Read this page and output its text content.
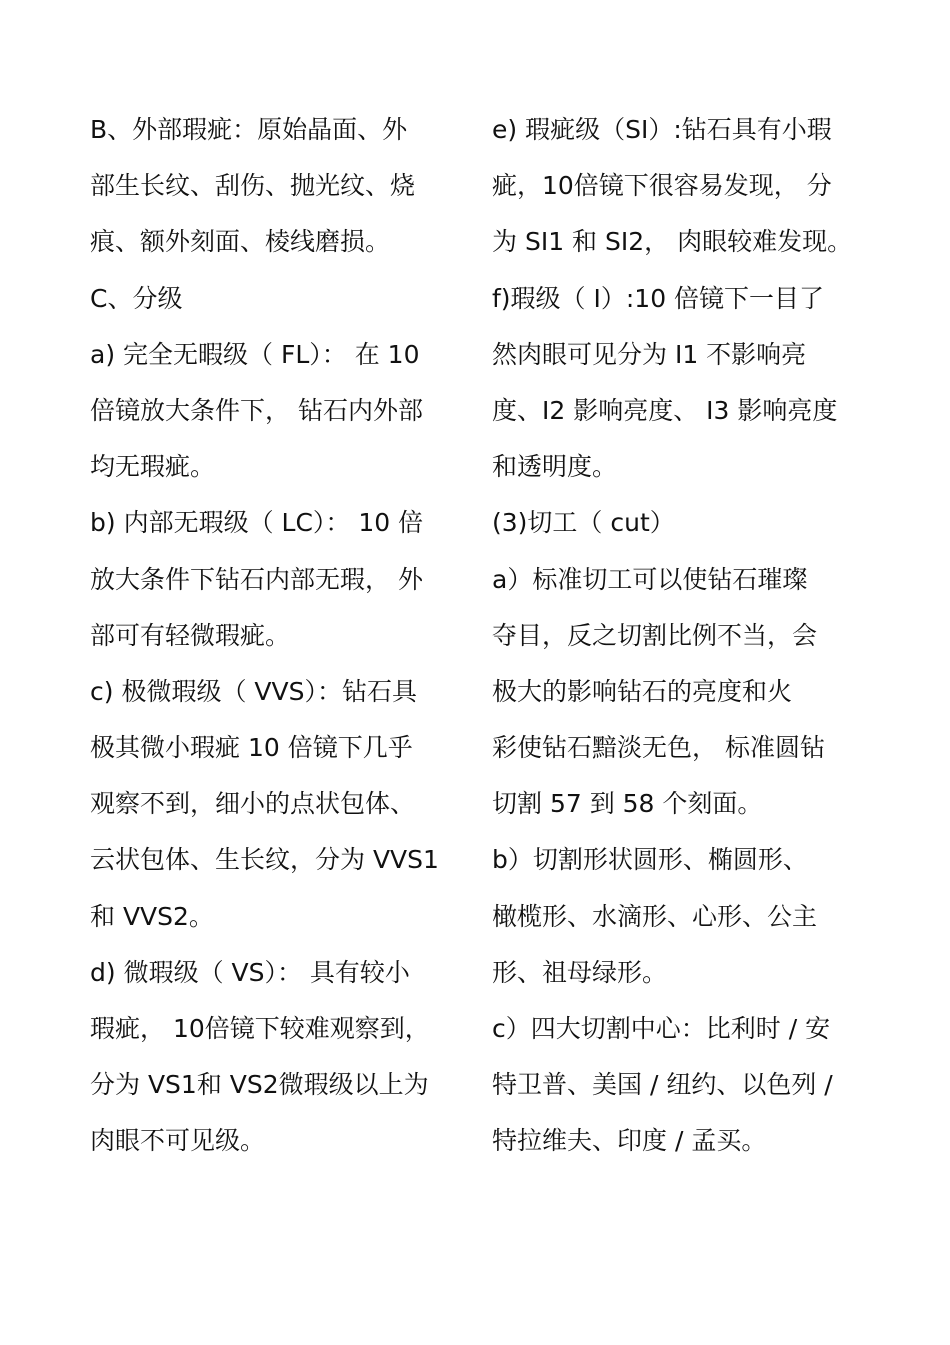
B、外部瑕疵：原始晶面、外
部生长纹、刮伤、抛光纹、烧
痕、额外刻面、棱线磨损。
C、分级
a) 完全无暇级（ FL）： 在 10
倍镜放大条件下， 钻石内外部
均无瑕疵。
b) 内部无瑕级（ LC）： 10 倍
放大条件下钻石内部无瑕， 外
部可有轻微瑕疵。
c) 极微瑕级（ VVS）：钻石具
极其微小瑕疵 10 倍镜下几乎
观察不到，细小的点状包体、
云状包体、生长纹，分为 VVS1
和 VVS2。
d) 微瑕级（ VS）： 具有较小
瑕疵， 10倍镜下较难观察到，
分为 VS1和 VS2微瑕级以上为
肉眼不可见级。
e) 瑕疵级（SI）:钻石具有小瑕
疵，10倍镜下很容易发现， 分
为 SI1 和 SI2， 肉眼较难发现。
f)瑕级（ I）:10 倍镜下一目了
然肉眼可见分为 I1 不影响亮
度、I2 影响亮度、 I3 影响亮度
和透明度。
(3)切工（ cut）
a）标准切工可以使钻石璀璨
夺目，反之切割比例不当，会
极大的影响钻石的亮度和火
彩使钻石黯淡无色， 标准圆钻
切割 57 到 58 个刻面。
b）切割形状圆形、椭圆形、
橄榄形、水滴形、心形、公主
形、祖母绿形。
c）四大切割中心：比利时 / 安
特卫普、美国 / 纽约、以色列 /
特拉维夫、印度 / 孟买。
